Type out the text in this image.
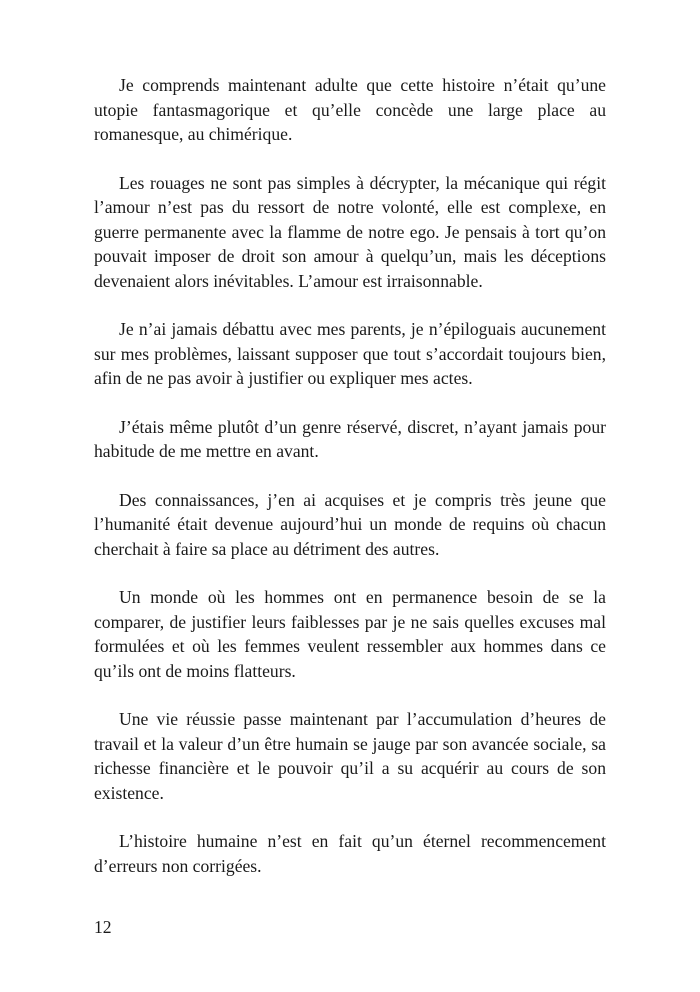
Je comprends maintenant adulte que cette histoire n’était qu’une utopie fantasmagorique et qu’elle concède une large place au romanesque, au chimérique.

Les rouages ne sont pas simples à décrypter, la mécanique qui régit l’amour n’est pas du ressort de notre volonté, elle est complexe, en guerre permanente avec la flamme de notre ego. Je pensais à tort qu’on pouvait imposer de droit son amour à quelqu’un, mais les déceptions devenaient alors inévitables. L’amour est irraisonnable.

Je n’ai jamais débattu avec mes parents, je n’épiloguais aucunement sur mes problèmes, laissant supposer que tout s’accordait toujours bien, afin de ne pas avoir à justifier ou expliquer mes actes.

J’étais même plutôt d’un genre réservé, discret, n’ayant jamais pour habitude de me mettre en avant.

Des connaissances, j’en ai acquises et je compris très jeune que l’humanité était devenue aujourd’hui un monde de requins où chacun cherchait à faire sa place au détriment des autres.

Un monde où les hommes ont en permanence besoin de se la comparer, de justifier leurs faiblesses par je ne sais quelles excuses mal formulées et où les femmes veulent ressembler aux hommes dans ce qu’ils ont de moins flatteurs.

Une vie réussie passe maintenant par l’accumulation d’heures de travail et la valeur d’un être humain se jauge par son avancée sociale, sa richesse financière et le pouvoir qu’il a su acquérir au cours de son existence.

L’histoire humaine n’est en fait qu’un éternel recommencement d’erreurs non corrigées.

12
